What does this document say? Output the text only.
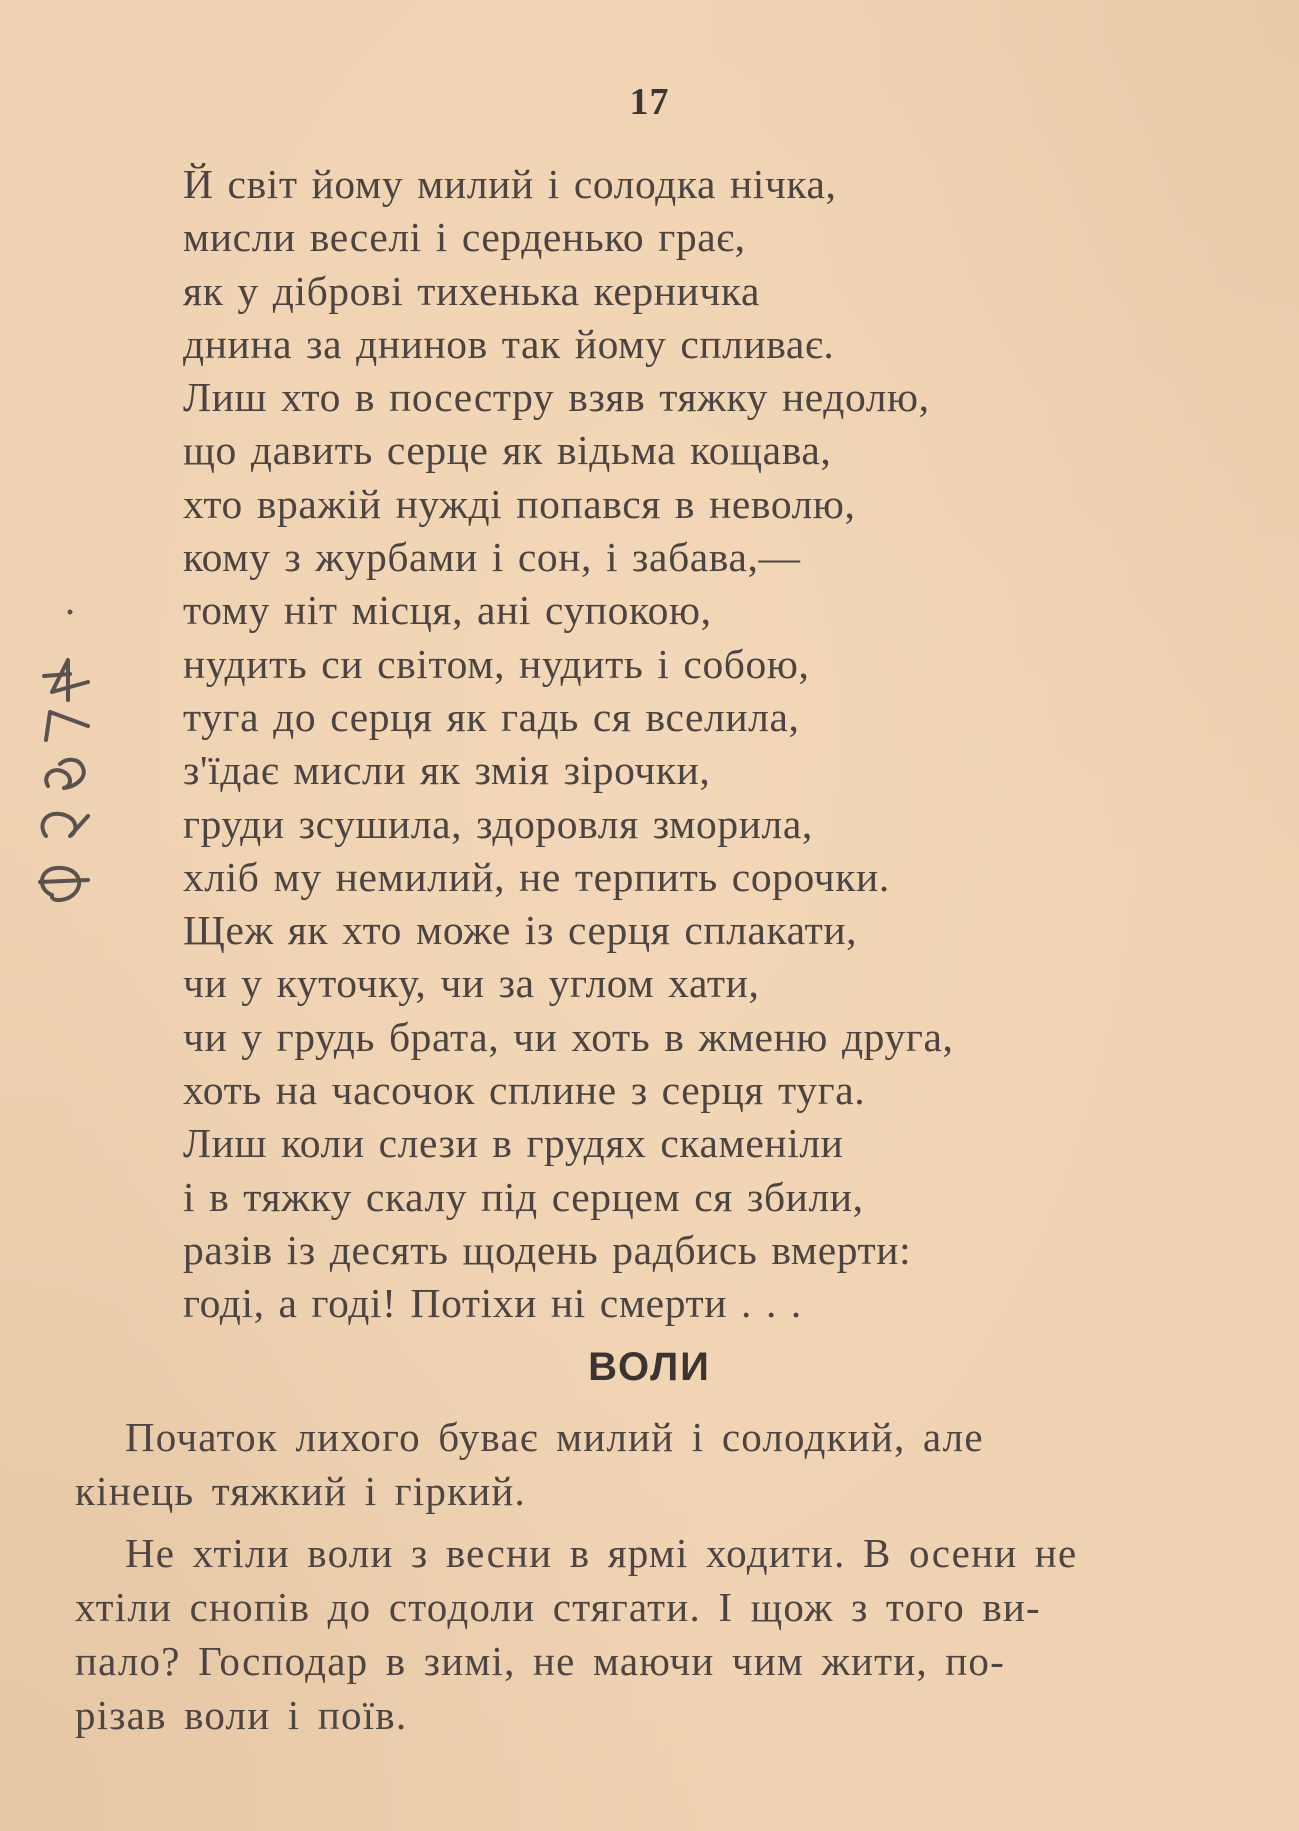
17
Й світ йому милий і солодка нічка,
мисли веселі і серденько грає,
як у діброві тихенька керничка
днина за днинов так йому спливає.
Лиш хто в посестру взяв тяжку недолю,
що давить серце як відьма кощава,
хто вражій нужді попався в неволю,
кому з журбами і сон, і забава,—
тому ніт місця, ані супокою,
нудить си світом, нудить і собою,
туга до серця як гадь ся вселила,
з'їдає мисли як змія зірочки,
груди зсушила, здоровля зморила,
хліб му немилий, не терпить сорочки.
Щеж як хто може із серця сплакати,
чи у куточку, чи за углом хати,
чи у грудь брата, чи хоть в жменю друга,
хоть на часочок сплине з серця туга.
Лиш коли слези в грудях скаменіли
і в тяжку скалу під серцем ся збили,
разів із десять щодень радбись вмерти:
годі, а годі! Потіхи ні смерти . . .
ВОЛИ

Початок лихого буває милий і солодкий, але
кінець тяжкий і гіркий.

Не хтіли воли з весни в ярмі ходити. В осени не
хтіли снопів до стодоли стягати. І щож з того ви-
пало? Господар в зимі, не маючи чим жити, по-
різав воли і поїв.
